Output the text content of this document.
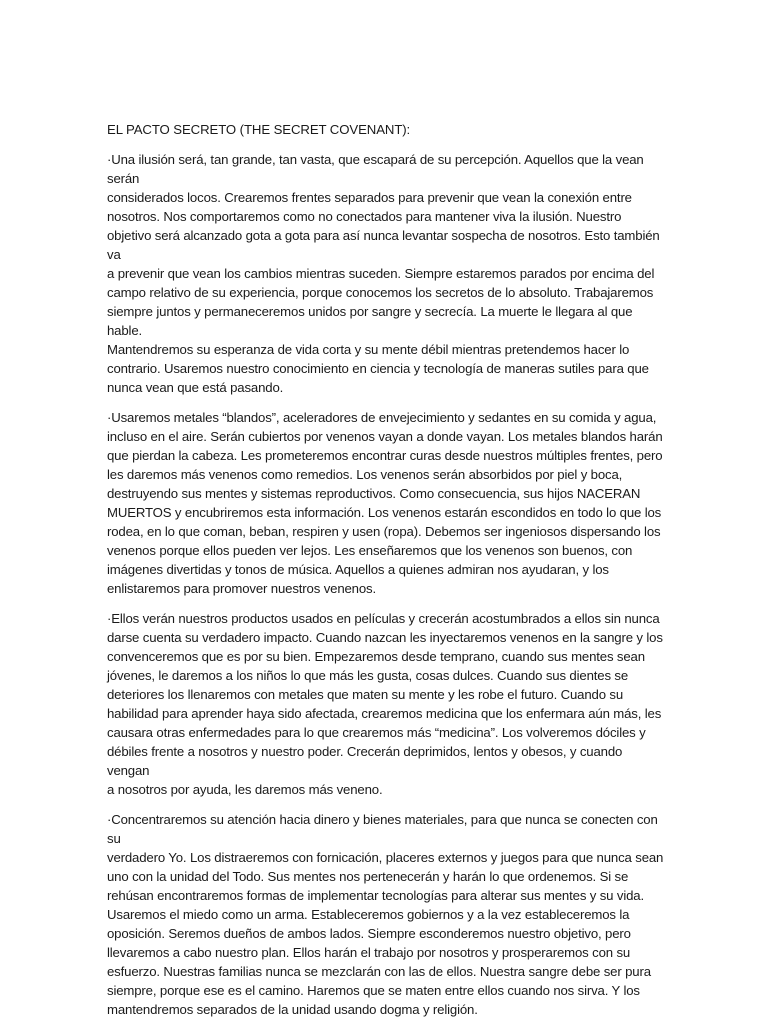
EL PACTO SECRETO (THE SECRET COVENANT):

·Una ilusión será, tan grande, tan vasta, que escapará de su percepción. Aquellos que la vean serán
considerados locos. Crearemos frentes separados para prevenir que vean la conexión entre
nosotros. Nos comportaremos como no conectados para mantener viva la ilusión. Nuestro
objetivo será alcanzado gota a gota para así nunca levantar sospecha de nosotros. Esto también va
a prevenir que vean los cambios mientras suceden. Siempre estaremos parados por encima del
campo relativo de su experiencia, porque conocemos los secretos de lo absoluto. Trabajaremos
siempre juntos y permaneceremos unidos por sangre y secrecía. La muerte le llegara al que hable.
Mantendremos su esperanza de vida corta y su mente débil mientras pretendemos hacer lo
contrario. Usaremos nuestro conocimiento en ciencia y tecnología de maneras sutiles para que
nunca vean que está pasando.

·Usaremos metales “blandos”, aceleradores de envejecimiento y sedantes en su comida y agua,
incluso en el aire. Serán cubiertos por venenos vayan a donde vayan. Los metales blandos harán
que pierdan la cabeza. Les prometeremos encontrar curas desde nuestros múltiples frentes, pero
les daremos más venenos como remedios. Los venenos serán absorbidos por piel y boca,
destruyendo sus mentes y sistemas reproductivos. Como consecuencia, sus hijos NACERAN
MUERTOS y encubriremos esta información. Los venenos estarán escondidos en todo lo que los
rodea, en lo que coman, beban, respiren y usen (ropa). Debemos ser ingeniosos dispersando los
venenos porque ellos pueden ver lejos. Les enseñaremos que los venenos son buenos, con
imágenes divertidas y tonos de música. Aquellos a quienes admiran nos ayudaran, y los
enlistaremos para promover nuestros venenos.

·Ellos verán nuestros productos usados en películas y crecerán acostumbrados a ellos sin nunca
darse cuenta su verdadero impacto. Cuando nazcan les inyectaremos venenos en la sangre y los
convenceremos que es por su bien. Empezaremos desde temprano, cuando sus mentes sean
jóvenes, le daremos a los niños lo que más les gusta, cosas dulces. Cuando sus dientes se
deteriores los llenaremos con metales que maten su mente y les robe el futuro. Cuando su
habilidad para aprender haya sido afectada, crearemos medicina que los enfermara aún más, les
causara otras enfermedades para lo que crearemos más “medicina”. Los volveremos dóciles y
débiles frente a nosotros y nuestro poder. Crecerán deprimidos, lentos y obesos, y cuando vengan
a nosotros por ayuda, les daremos más veneno.

·Concentraremos su atención hacia dinero y bienes materiales, para que nunca se conecten con su
verdadero Yo. Los distraeremos con fornicación, placeres externos y juegos para que nunca sean
uno con la unidad del Todo. Sus mentes nos pertenecerán y harán lo que ordenemos. Si se
rehúsan encontraremos formas de implementar tecnologías para alterar sus mentes y su vida.
Usaremos el miedo como un arma. Estableceremos gobiernos y a la vez estableceremos la
oposición. Seremos dueños de ambos lados. Siempre esconderemos nuestro objetivo, pero
llevaremos a cabo nuestro plan. Ellos harán el trabajo por nosotros y prosperaremos con su
esfuerzo. Nuestras familias nunca se mezclarán con las de ellos. Nuestra sangre debe ser pura
siempre, porque ese es el camino. Haremos que se maten entre ellos cuando nos sirva. Y los
mantendremos separados de la unidad usando dogma y religión.
